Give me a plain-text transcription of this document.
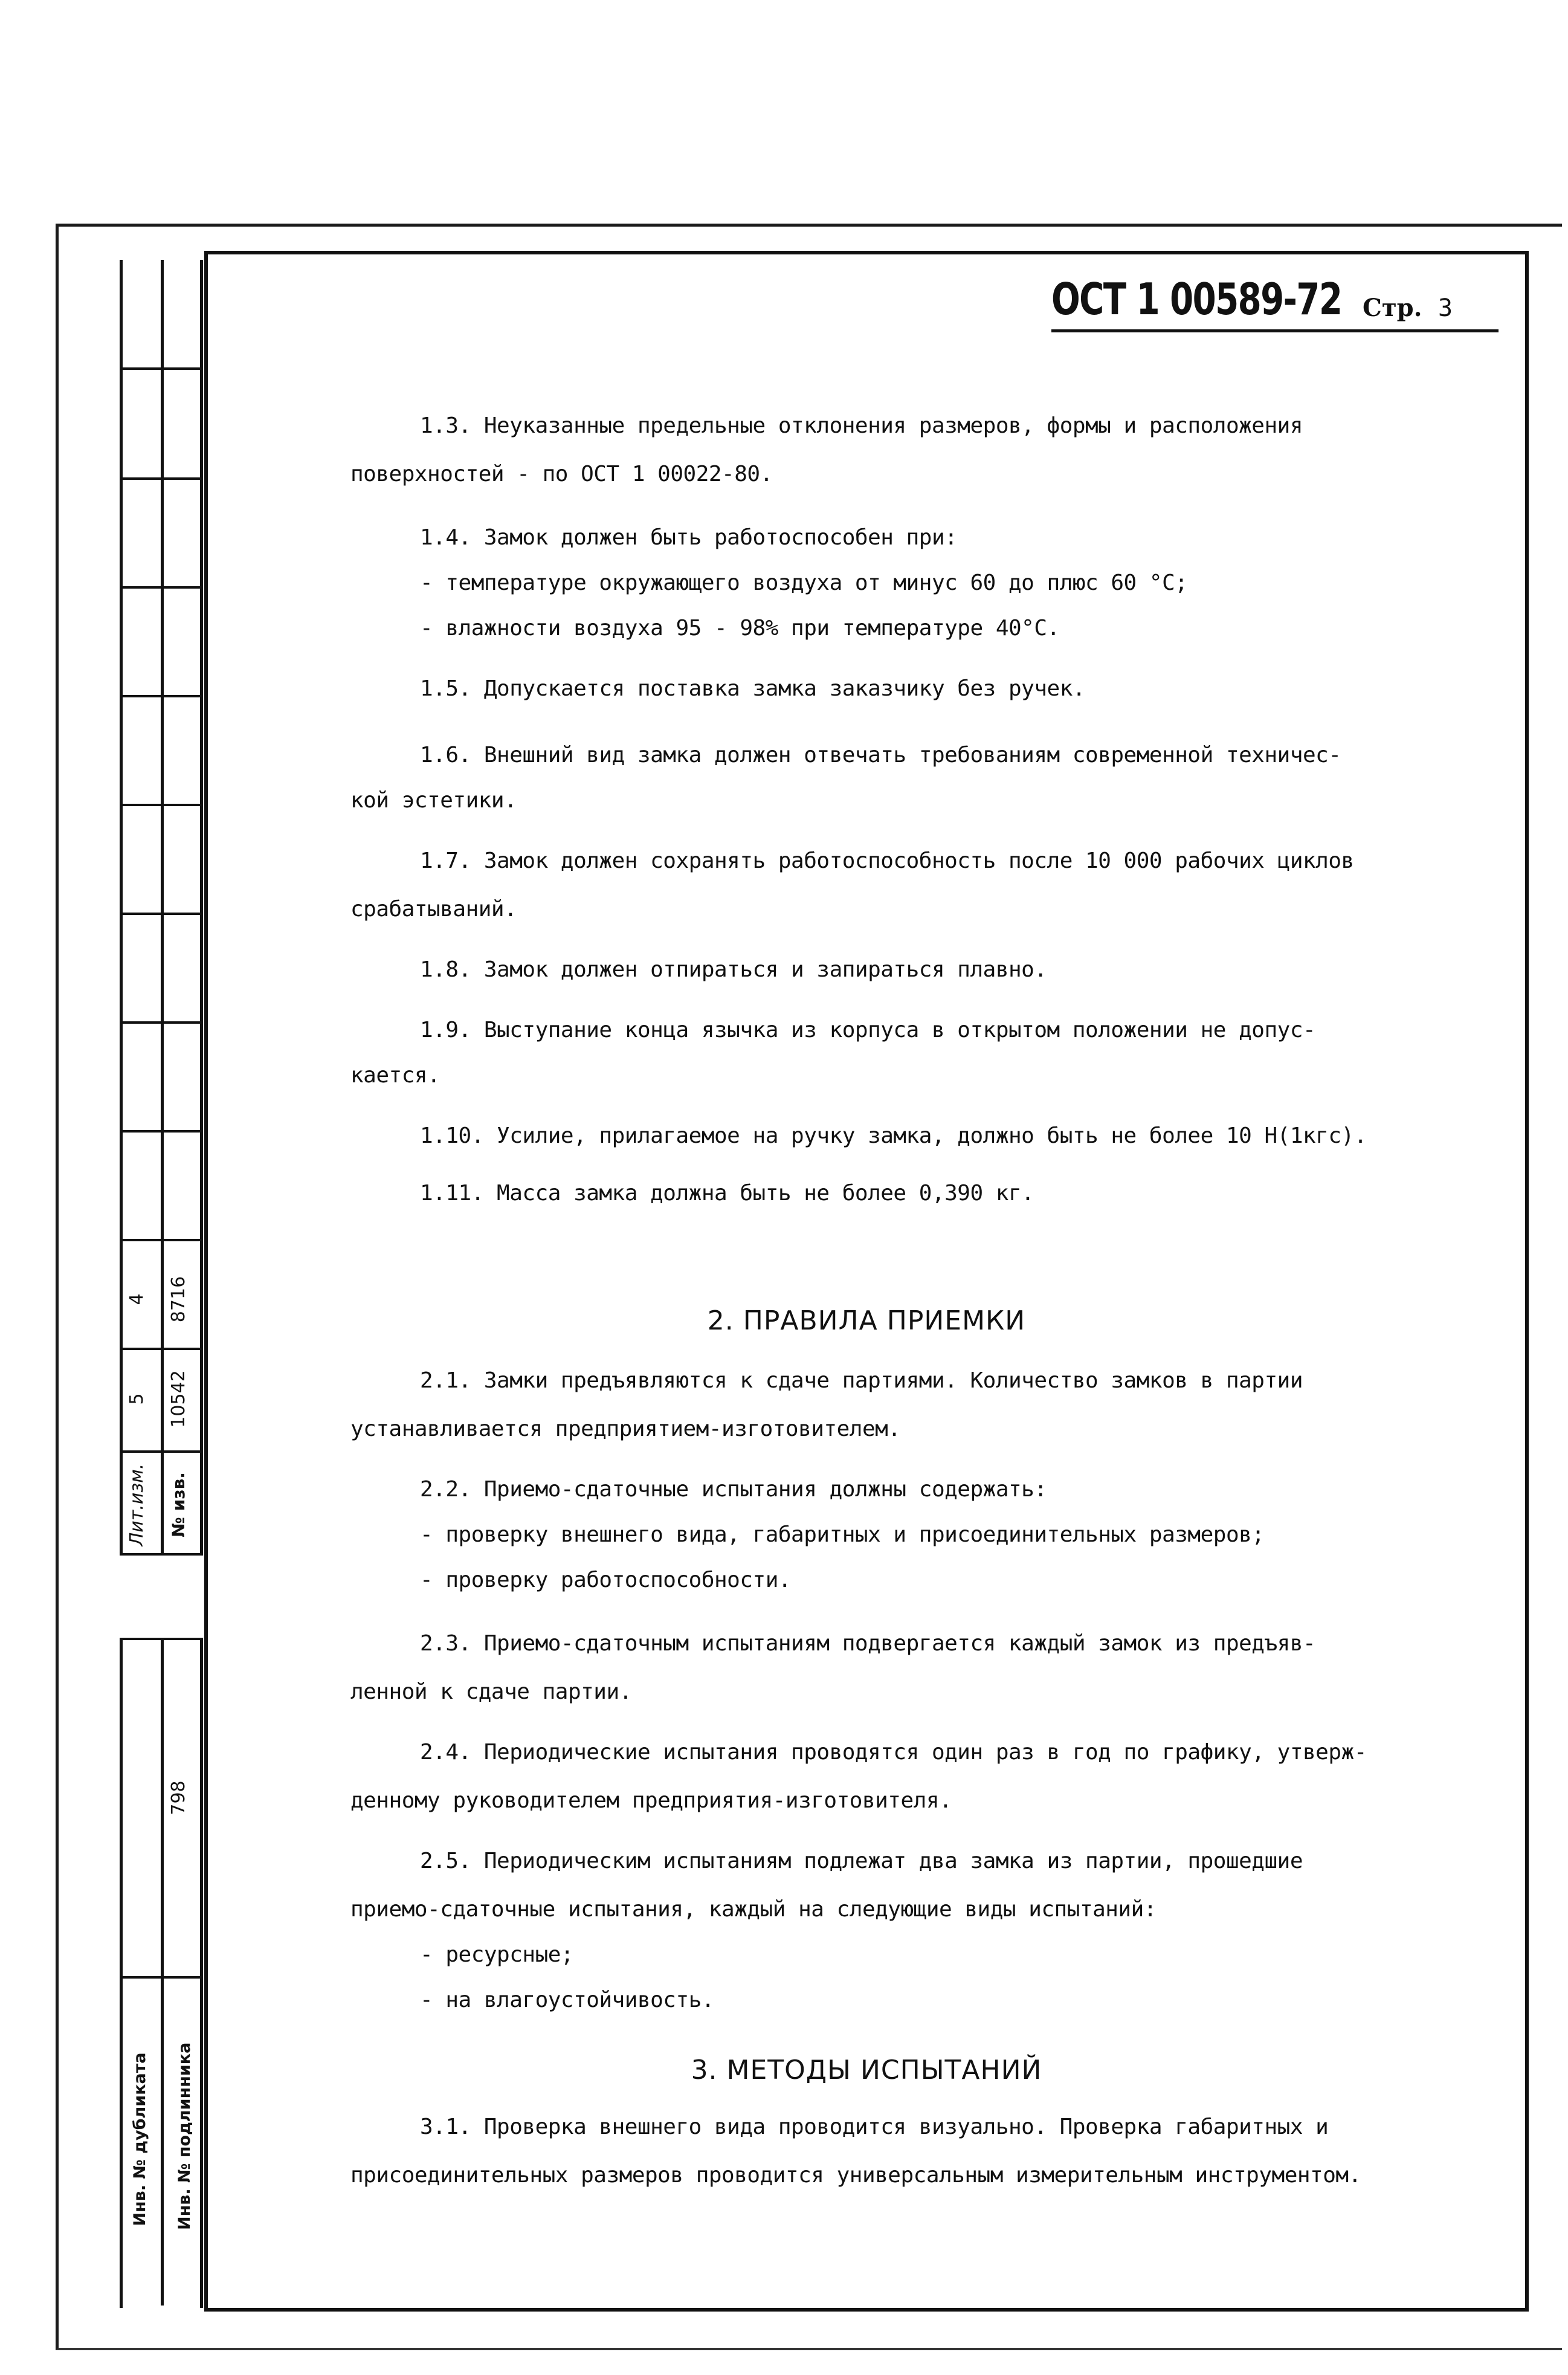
4
5 10542
8716
Лит.изм. № изв.
798
Инв. № дубликата	Инв. № подлинника
ОСТ 1 00589-72 Стр. 3
1.3. Неуказанные предельные отклонения размеров, формы и расположения
поверхностей - по ОСТ 1 00022-80.
1.4. Замок должен быть работоспособен при:
- температуре окружающего воздуха от минус 60 до плюс 60 °С;
- влажности воздуха 95 - 98% при температуре 40°С.
1.5. Допускается поставка замка заказчику без ручек.
1.6. Внешний вид замка должен отвечать требованиям современной техничес-
кой эстетики.
1.7. Замок должен сохранять работоспособность после 10 000 рабочих циклов
срабатываний.
1.8. Замок должен отпираться и запираться плавно.
1.9. Выступание конца язычка из корпуса в открытом положении не допус-
кается.
1.10. Усилие, прилагаемое на ручку замка, должно быть не более 10 Н(1кгс).
1.11. Масса замка должна быть не более 0,390 кг.
2. ПРАВИЛА ПРИЕМКИ
2.1. Замки предъявляются к сдаче партиями. Количество замков в партии
устанавливается предприятием-изготовителем.
2.2. Приемо-сдаточные испытания должны содержать:
- проверку внешнего вида, габаритных и присоединительных размеров;
- проверку работоспособности.
2.3. Приемо-сдаточным испытаниям подвергается каждый замок из предъяв-
ленной к сдаче партии.
2.4. Периодические испытания проводятся один раз в год по графику, утверж-
денному руководителем предприятия-изготовителя.
2.5. Периодическим испытаниям подлежат два замка из партии, прошедшие
приемо-сдаточные испытания, каждый на следующие виды испытаний:
- ресурсные;
- на влагоустойчивость.
3. МЕТОДЫ ИСПЫТАНИЙ
3.1. Проверка внешнего вида проводится визуально. Проверка габаритных и
присоединительных размеров проводится универсальным измерительным инструментом.
